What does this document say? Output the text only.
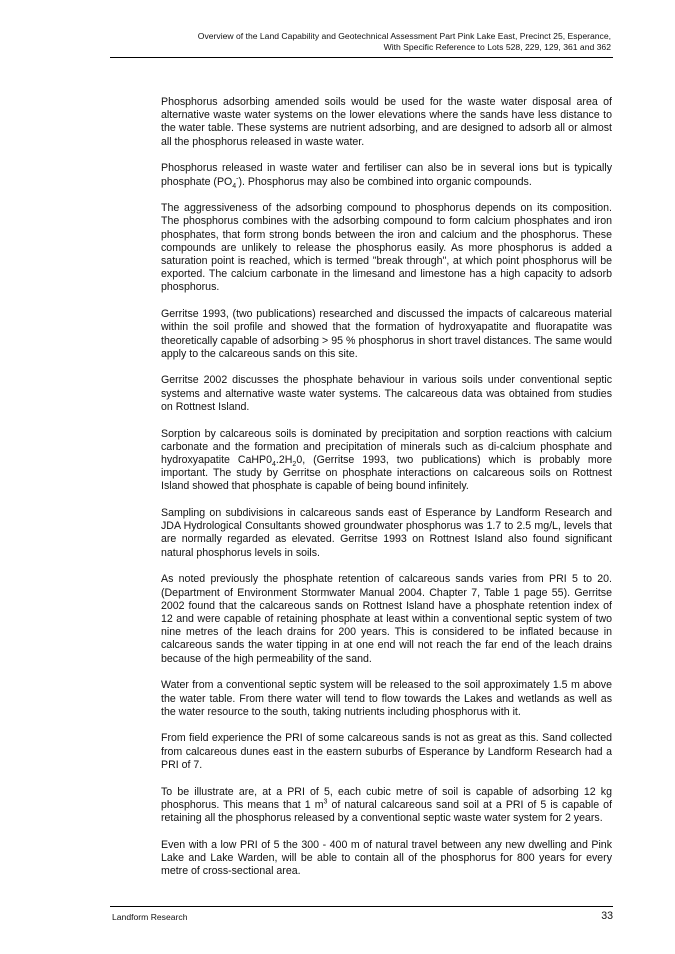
Overview of the Land Capability and Geotechnical Assessment Part Pink Lake East, Precinct 25, Esperance,
With Specific Reference to Lots 528, 229, 129, 361 and 362

Phosphorus adsorbing amended soils would be used for the waste water disposal area of alternative waste water systems on the lower elevations where the sands have less distance to the water table. These systems are nutrient adsorbing, and are designed to adsorb all or almost all the phosphorus released in waste water.

Phosphorus released in waste water and fertiliser can also be in several ions but is typically phosphate $(PO_4^-)$. Phosphorus may also be combined into organic compounds.

The aggressiveness of the adsorbing compound to phosphorus depends on its composition. The phosphorus combines with the adsorbing compound to form calcium phosphates and iron phosphates, that form strong bonds between the iron and calcium and the phosphorus. These compounds are unlikely to release the phosphorus easily. As more phosphorus is added a saturation point is reached, which is termed "break through", at which point phosphorus will be exported. The calcium carbonate in the limesand and limestone has a high capacity to adsorb phosphorus.

Gerritse 1993, (two publications) researched and discussed the impacts of calcareous material within the soil profile and showed that the formation of hydroxyapatite and fluorapatite was theoretically capable of adsorbing > 95 % phosphorus in short travel distances. The same would apply to the calcareous sands on this site.

Gerritse 2002 discusses the phosphate behaviour in various soils under conventional septic systems and alternative waste water systems. The calcareous data was obtained from studies on Rottnest Island.

Sorption by calcareous soils is dominated by precipitation and sorption reactions with calcium carbonate and the formation and precipitation of minerals such as di-calcium phosphate and hydroxyapatite $CaHP0_4.2H_20$, (Gerritse 1993, two publications) which is probably more important. The study by Gerritse on phosphate interactions on calcareous soils on Rottnest Island showed that phosphate is capable of being bound infinitely.

Sampling on subdivisions in calcareous sands east of Esperance by Landform Research and JDA Hydrological Consultants showed groundwater phosphorus was 1.7 to 2.5 mg/L, levels that are normally regarded as elevated. Gerritse 1993 on Rottnest Island also found significant natural phosphorus levels in soils.

As noted previously the phosphate retention of calcareous sands varies from PRI 5 to 20. (Department of Environment Stormwater Manual 2004. Chapter 7, Table 1 page 55). Gerritse 2002 found that the calcareous sands on Rottnest Island have a phosphate retention index of 12 and were capable of retaining phosphate at least within a conventional septic system of two nine metres of the leach drains for 200 years. This is considered to be inflated because in calcareous sands the water tipping in at one end will not reach the far end of the leach drains because of the high permeability of the sand.

Water from a conventional septic system will be released to the soil approximately 1.5 m above the water table. From there water will tend to flow towards the Lakes and wetlands as well as the water resource to the south, taking nutrients including phosphorus with it.

From field experience the PRI of some calcareous sands is not as great as this. Sand collected from calcareous dunes east in the eastern suburbs of Esperance by Landform Research had a PRI of 7.

To be illustrate are, at a PRI of 5, each cubic metre of soil is capable of adsorbing 12 kg phosphorus. This means that 1 $m^3$ of natural calcareous sand soil at a PRI of 5 is capable of retaining all the phosphorus released by a conventional septic waste water system for 2 years.

Even with a low PRI of 5 the 300 - 400 m of natural travel between any new dwelling and Pink Lake and Lake Warden, will be able to contain all of the phosphorus for 800 years for every metre of cross-sectional area.

Landform Research	33
